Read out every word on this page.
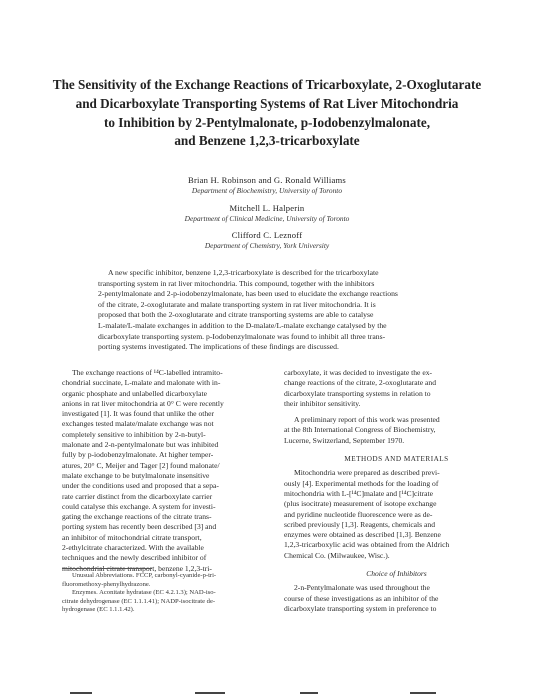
The Sensitivity of the Exchange Reactions of Tricarboxylate, 2-Oxoglutarate
and Dicarboxylate Transporting Systems of Rat Liver Mitochondria
to Inhibition by 2-Pentylmalonate, p-Iodobenzylmalonate,
and Benzene 1,2,3-tricarboxylate
Brian H. Robinson and G. Ronald Williams
Department of Biochemistry, University of Toronto
Mitchell L. Halperin
Department of Clinical Medicine, University of Toronto
Clifford C. Leznoff
Department of Chemistry, York University
A new specific inhibitor, benzene 1,2,3-tricarboxylate is described for the tricarboxylate
transporting system in rat liver mitochondria. This compound, together with the inhibitors
2-pentylmalonate and 2-p-iodobenzylmalonate, has been used to elucidate the exchange reactions
of the citrate, 2-oxoglutarate and malate transporting system in rat liver mitochondria. It is
proposed that both the 2-oxoglutarate and citrate transporting systems are able to catalyse
L-malate/L-malate exchanges in addition to the D-malate/L-malate exchange catalysed by the
dicarboxylate transporting system. p-Iodobenzylmalonate was found to inhibit all three trans-
porting systems investigated. The implications of these findings are discussed.
The exchange reactions of ¹⁴C-labelled intramito-
chondrial succinate, L-malate and malonate with in-
organic phosphate and unlabelled dicarboxylate
anions in rat liver mitochondria at 0° C were recently
investigated [1]. It was found that unlike the other
exchanges tested malate/malate exchange was not
completely sensitive to inhibition by 2-n-butyl-
malonate and 2-n-pentylmalonate but was inhibited
fully by p-iodobenzylmalonate. At higher temper-
atures, 20° C, Meijer and Tager [2] found malonate/
malate exchange to be butylmalonate insensitive
under the conditions used and proposed that a sepa-
rate carrier distinct from the dicarboxylate carrier
could catalyse this exchange. A system for investi-
gating the exchange reactions of the citrate trans-
porting system has recently been described [3] and
an inhibitor of mitochondrial citrate transport,
2-ethylcitrate characterized. With the available
techniques and the newly described inhibitor of
mitochondrial citrate transport, benzene 1,2,3-tri-
Unusual Abbreviations. FCCP, carbonyl-cyanide-p-tri-
fluoromethoxy-phenylhydrazone.
Enzymes. Aconitate hydratase (EC 4.2.1.3); NAD-iso-
citrate dehydrogenase (EC 1.1.1.41); NADP-isocitrate de-
hydrogenase (EC 1.1.1.42).
carboxylate, it was decided to investigate the ex-
change reactions of the citrate, 2-oxoglutarate and
dicarboxylate transporting systems in relation to
their inhibitor sensitivity.
A preliminary report of this work was presented
at the 8th International Congress of Biochemistry,
Lucerne, Switzerland, September 1970.
METHODS AND MATERIALS
Mitochondria were prepared as described previ-
ously [4]. Experimental methods for the loading of
mitochondria with L-[¹⁴C]malate and [¹⁴C]citrate
(plus isocitrate) measurement of isotope exchange
and pyridine nucleotide fluorescence were as de-
scribed previously [1,3]. Reagents, chemicals and
enzymes were obtained as described [1,3]. Benzene
1,2,3-tricarboxylic acid was obtained from the Aldrich
Chemical Co. (Milwaukee, Wisc.).
Choice of Inhibitors
2-n-Pentylmalonate was used throughout the
course of these investigations as an inhibitor of the
dicarboxylate transporting system in preference to
